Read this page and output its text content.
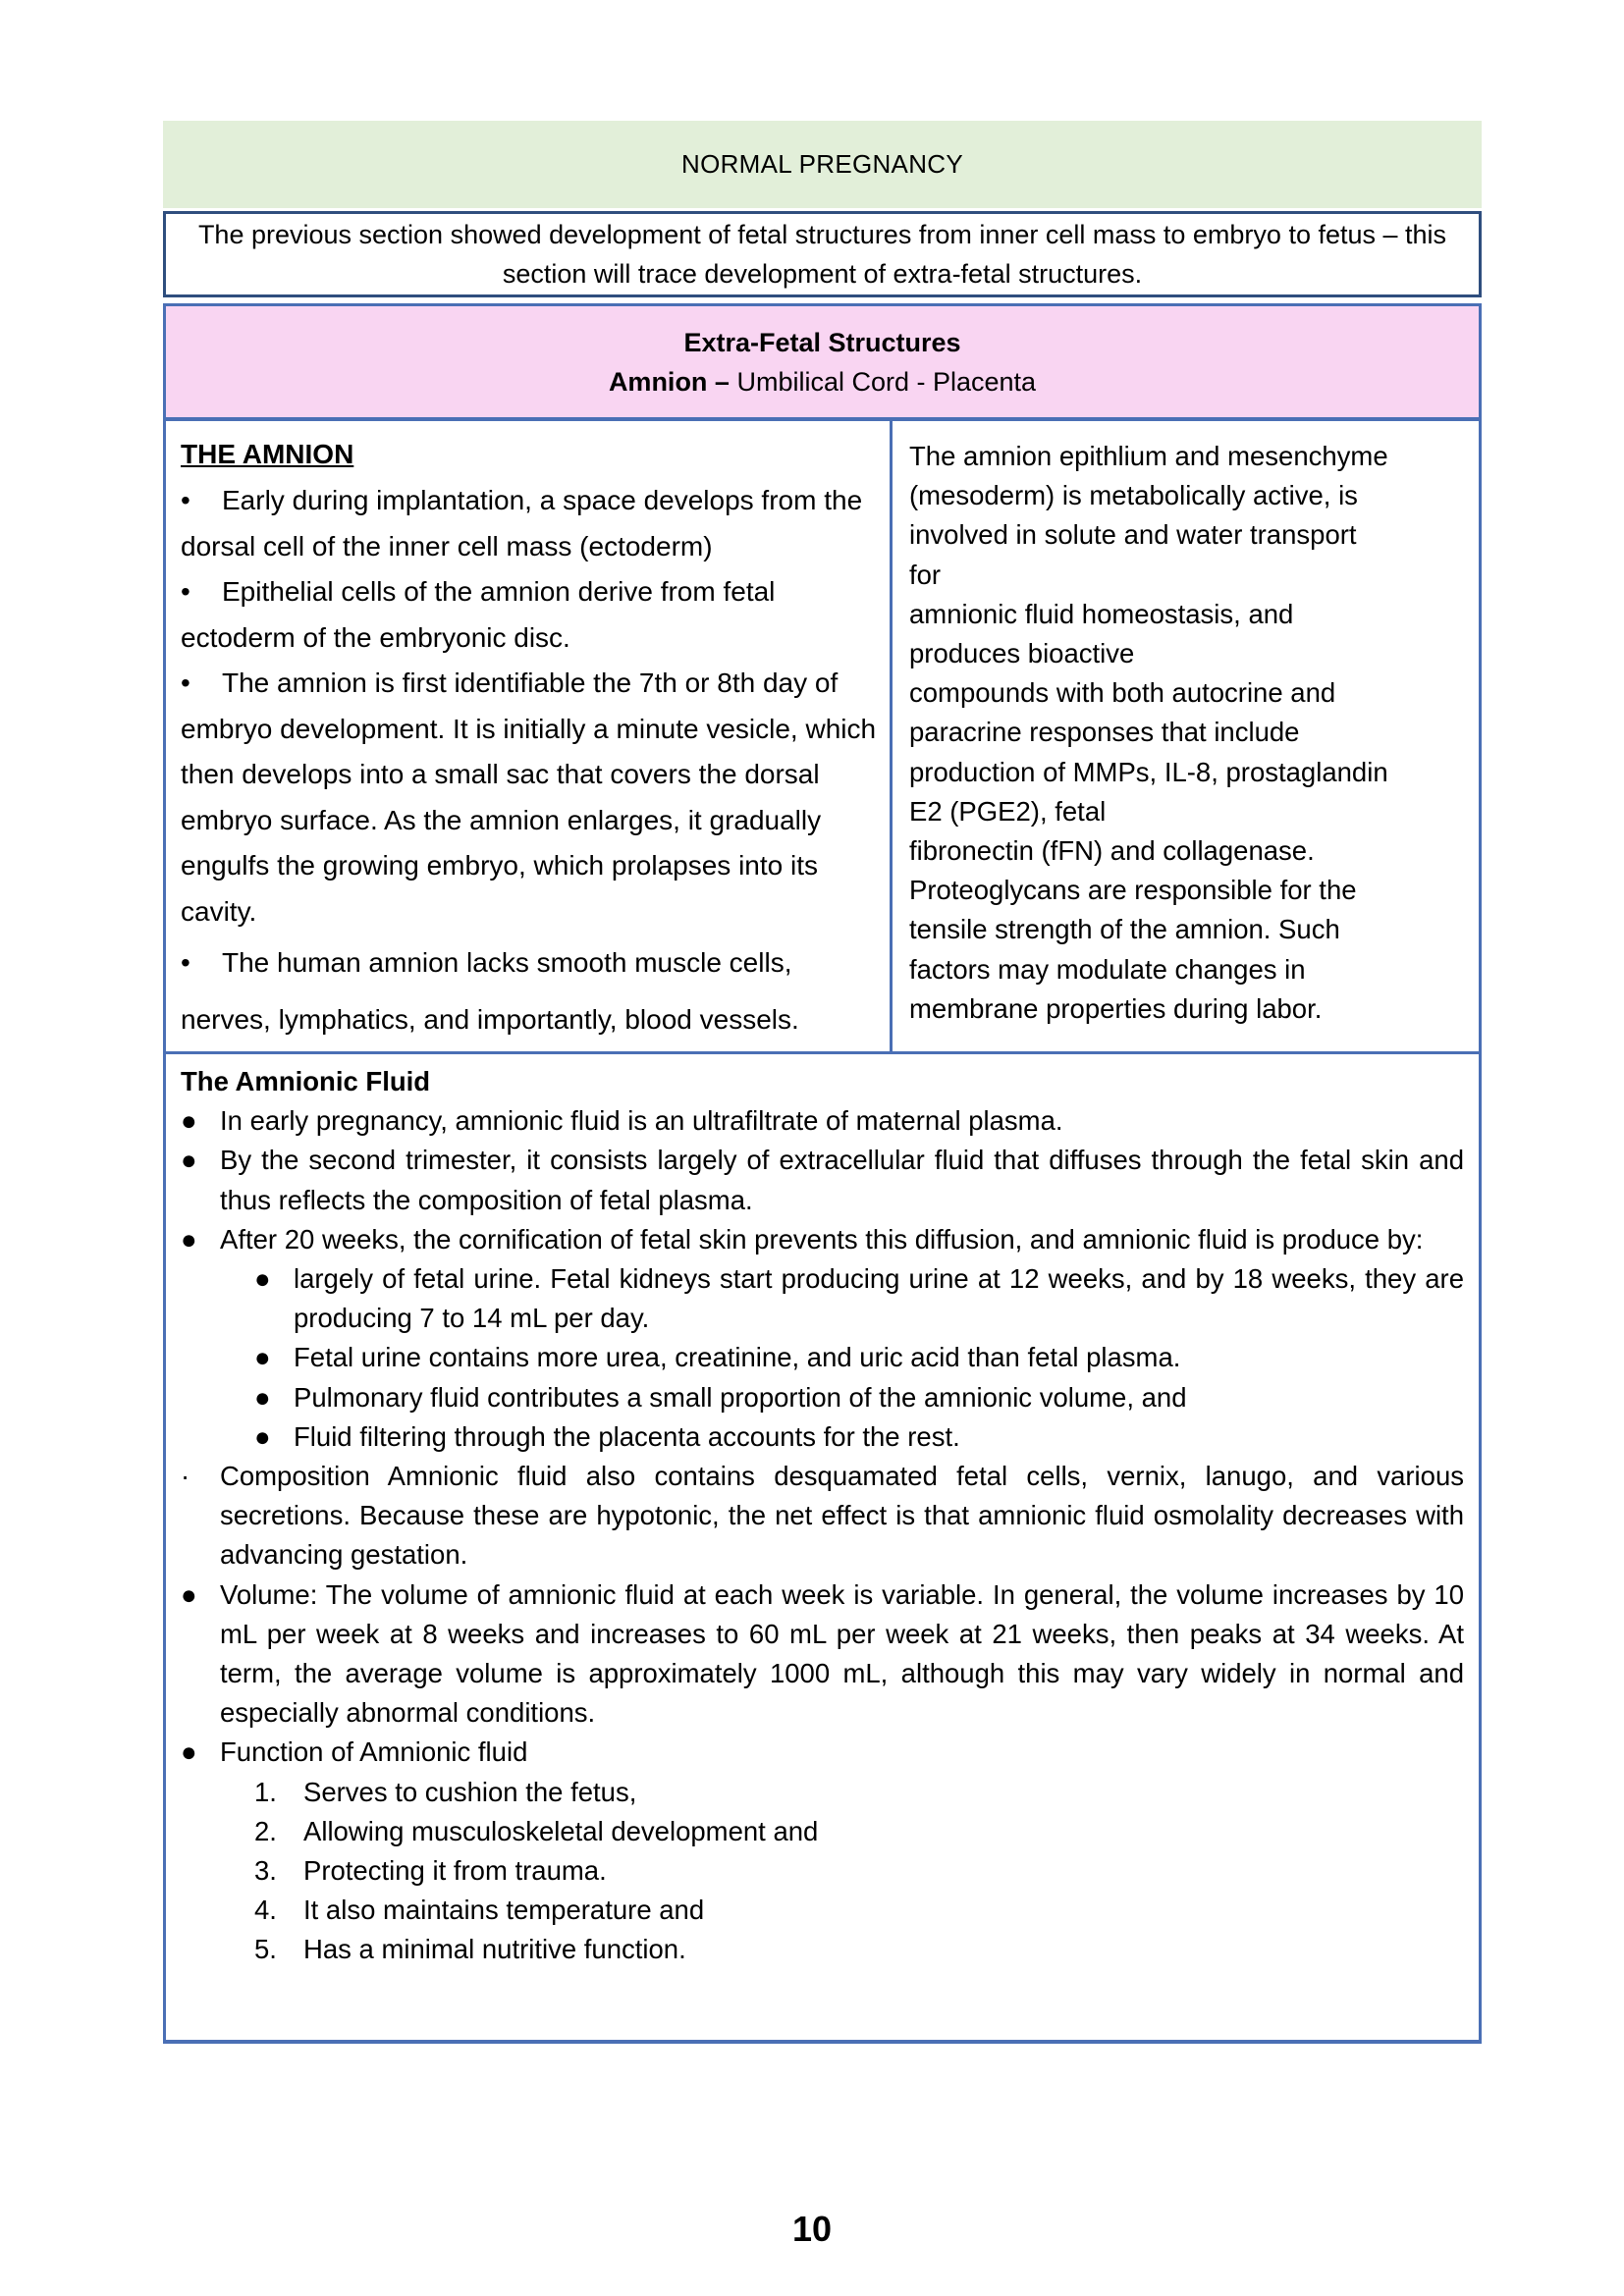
NORMAL PREGNANCY
The previous section showed development of fetal structures from inner cell mass to embryo to fetus – this section will trace development of extra-fetal structures.
Extra-Fetal Structures
Amnion – Umbilical Cord - Placenta
THE AMNION
• Early during implantation, a space develops from the dorsal cell of the inner cell mass (ectoderm)
• Epithelial cells of the amnion derive from fetal ectoderm of the embryonic disc.
• The amnion is first identifiable the 7th or 8th day of embryo development. It is initially a minute vesicle, which then develops into a small sac that covers the dorsal embryo surface. As the amnion enlarges, it gradually engulfs the growing embryo, which prolapses into its cavity.
• The human amnion lacks smooth muscle cells, nerves, lymphatics, and importantly, blood vessels.
The amnion epithlium and mesenchyme
(mesoderm) is metabolically active, is
involved in solute and water transport
for
amnionic fluid homeostasis, and
produces bioactive
compounds with both autocrine and
paracrine responses that include
production of MMPs, IL-8, prostaglandin
E2 (PGE2), fetal
fibronectin (fFN) and collagenase.
Proteoglycans are responsible for the
tensile strength of the amnion. Such
factors may modulate changes in
membrane properties during labor.
The Amnionic Fluid
● In early pregnancy, amnionic fluid is an ultrafiltrate of maternal plasma.
● By the second trimester, it consists largely of extracellular fluid that diffuses through the fetal skin and thus reflects the composition of fetal plasma.
● After 20 weeks, the cornification of fetal skin prevents this diffusion, and amnionic fluid is produce by:
● largely of fetal urine. Fetal kidneys start producing urine at 12 weeks, and by 18 weeks, they are producing 7 to 14 mL per day.
● Fetal urine contains more urea, creatinine, and uric acid than fetal plasma.
● Pulmonary fluid contributes a small proportion of the amnionic volume, and
● Fluid filtering through the placenta accounts for the rest.
·	Composition Amnionic fluid also contains desquamated fetal cells, vernix, lanugo, and various secretions. Because these are hypotonic, the net effect is that amnionic fluid osmolality decreases with advancing gestation.
● Volume: The volume of amnionic fluid at each week is variable. In general, the volume increases by 10 mL per week at 8 weeks and increases to 60 mL per week at 21 weeks, then peaks at 34 weeks. At term, the average volume is approximately 1000 mL, although this may vary widely in normal and especially abnormal conditions.
● Function of Amnionic fluid
1. Serves to cushion the fetus,
2. Allowing musculoskeletal development and
3. Protecting it from trauma.
4. It also maintains temperature and
5. Has a minimal nutritive function.
10
